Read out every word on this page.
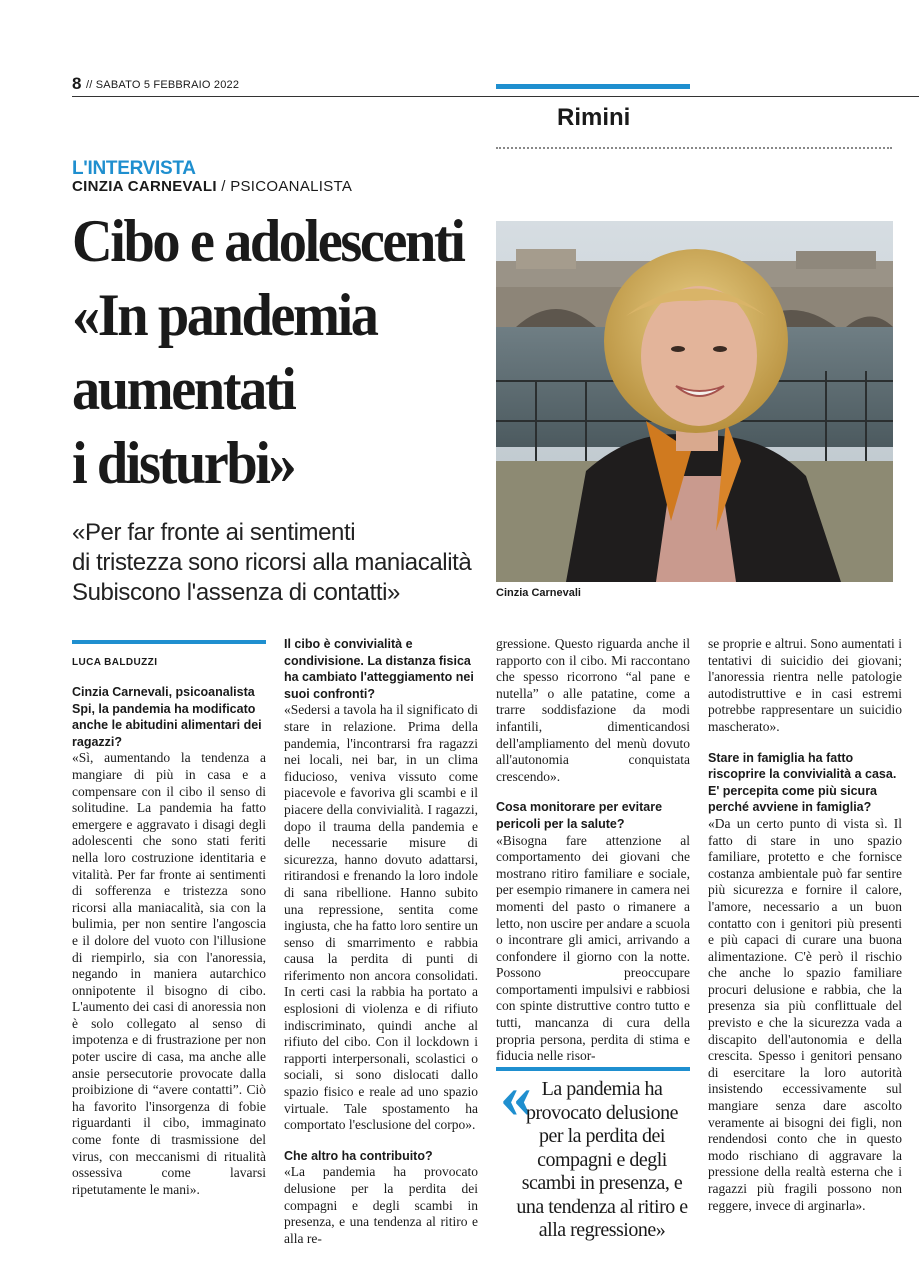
8 // SABATO 5 FEBBRAIO 2022
Rimini
L'INTERVISTA
CINZIA CARNEVALI / PSICOANALISTA
Cibo e adolescenti
«In pandemia
aumentati
i disturbi»
«Per far fronte ai sentimenti
di tristezza sono ricorsi alla maniacalità
Subiscono l'assenza di contatti»	Cinzia Carnevali
LUCA BALDUZZI

Cinzia Carnevali, psicoanalista Spi, la pandemia ha modificato anche le abitudini alimentari dei ragazzi?

«Sì, aumentando la tendenza a mangiare di più in casa e a compensare con il cibo il senso di solitudine. La pandemia ha fatto emergere e aggravato i disagi degli adolescenti che sono stati feriti nella loro costruzione identitaria e vitalità. Per far fronte ai sentimenti di sofferenza e tristezza sono ricorsi alla maniacalità, sia con la bulimia, per non sentire l'angoscia e il dolore del vuoto con l'illusione di riempirlo, sia con l'anoressia, negando in maniera autarchico onnipotente il bisogno di cibo. L'aumento dei casi di anoressia non è solo collegato al senso di impotenza e di frustrazione per non poter uscire di casa, ma anche alle ansie persecutorie provocate dalla proibizione di “avere contatti”. Ciò ha favorito l'insorgenza di fobie riguardanti il cibo, immaginato come fonte di trasmissione del virus, con meccanismi di ritualità ossessiva come lavarsi ripetutamente le mani».

Il cibo è convivialità e condivisione. La distanza fisica ha cambiato l'atteggiamento nei suoi confronti?

«Sedersi a tavola ha il significato di stare in relazione. Prima della pandemia, l'incontrarsi fra ragazzi nei locali, nei bar, in un clima fiducioso, veniva vissuto come piacevole e favoriva gli scambi e il piacere della convivialità. I ragazzi, dopo il trauma della pandemia e delle necessarie misure di sicurezza, hanno dovuto adattarsi, ritirandosi e frenando la loro indole di sana ribellione. Hanno subito una repressione, sentita come ingiusta, che ha fatto loro sentire un senso di smarrimento e rabbia causa la perdita di punti di riferimento non ancora consolidati. In certi casi la rabbia ha portato a esplosioni di violenza e di rifiuto indiscriminato, quindi anche al rifiuto del cibo. Con il lockdown i rapporti interpersonali, scolastici o sociali, si sono dislocati dallo spazio fisico e reale ad uno spazio virtuale. Tale spostamento ha comportato l'esclusione del corpo».

Che altro ha contribuito?

«La pandemia ha provocato delusione per la perdita dei compagni e degli scambi in presenza, e una tendenza al ritiro e alla re-

gressione. Questo riguarda anche il rapporto con il cibo. Mi raccontano che spesso ricorrono “al pane e nutella” o alle patatine, come a trarre soddisfazione da modi infantili, dimenticandosi dell'ampliamento del menù dovuto all'autonomia conquistata crescendo».

Cosa monitorare per evitare pericoli per la salute?

«Bisogna fare attenzione al comportamento dei giovani che mostrano ritiro familiare e sociale, per esempio rimanere in camera nei momenti del pasto o rimanere a letto, non uscire per andare a scuola o incontrare gli amici, arrivando a confondere il giorno con la notte. Possono preoccupare comportamenti impulsivi e rabbiosi con spinte distruttive contro tutto e tutti, mancanza di cura della propria persona, perdita di stima e fiducia nelle risor-

se proprie e altrui. Sono aumentati i tentativi di suicidio dei giovani; l'anoressia rientra nelle patologie autodistruttive e in casi estremi potrebbe rappresentare un suicidio mascherato».

Stare in famiglia ha fatto riscoprire la convivialità a casa. E' percepita come più sicura perché avviene in famiglia?

«Da un certo punto di vista sì. Il fatto di stare in uno spazio familiare, protetto e che fornisce costanza ambientale può far sentire più sicurezza e fornire il calore, l'amore, necessario a un buon contatto con i genitori più presenti e più capaci di curare una buona alimentazione. C'è però il rischio che anche lo spazio familiare procuri delusione e rabbia, che la presenza sia più conflittuale del previsto e che la sicurezza vada a discapito dell'autonomia e della crescita. Spesso i genitori pensano di esercitare la loro autorità insistendo eccessivamente sul mangiare senza dare ascolto veramente ai bisogni dei figli, non rendendosi conto che in questo modo rischiano di aggravare la pressione della realtà esterna che i ragazzi più fragili possono non reggere, invece di arginarla».

« La pandemia ha provocato delusione per la perdita dei compagni e degli scambi in presenza, e una tendenza al ritiro e alla regressione»
